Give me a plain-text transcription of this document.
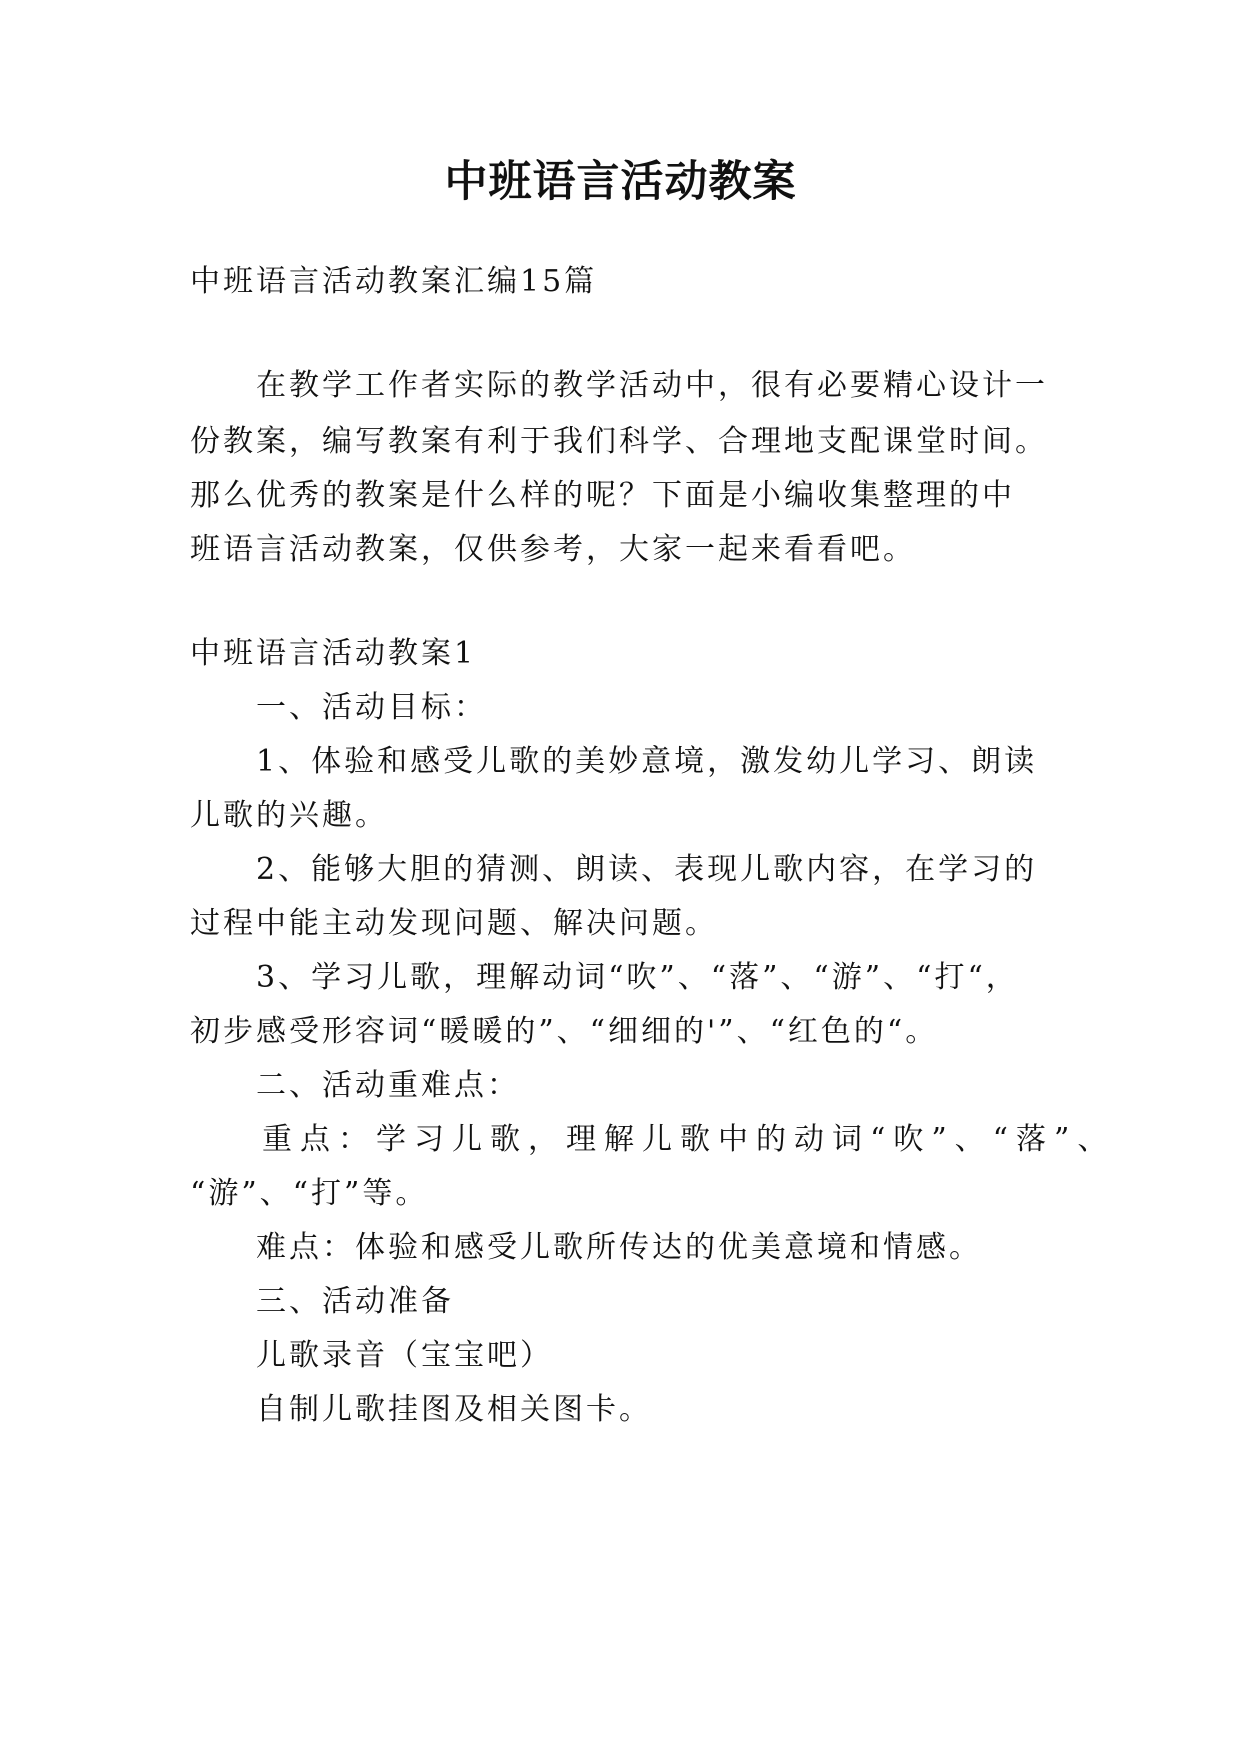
中班语言活动教案

中班语言活动教案汇编15篇

在教学工作者实际的教学活动中，很有必要精心设计一

份教案，编写教案有利于我们科学、合理地支配课堂时间。

那么优秀的教案是什么样的呢？下面是小编收集整理的中

班语言活动教案，仅供参考，大家一起来看看吧。

中班语言活动教案1

一、活动目标：

1、体验和感受儿歌的美妙意境，激发幼儿学习、朗读

儿歌的兴趣。

2、能够大胆的猜测、朗读、表现儿歌内容，在学习的

过程中能主动发现问题、解决问题。

3、学习儿歌，理解动词“吹”、“落”、“游”、“打“，

初步感受形容词“暖暖的”、“细细的'”、“红色的“。

二、活动重难点：

重点：学习儿歌，理解儿歌中的动词“吹”、“落”、

“游”、“打”等。

难点：体验和感受儿歌所传达的优美意境和情感。

三、活动准备

儿歌录音（宝宝吧）

自制儿歌挂图及相关图卡。
